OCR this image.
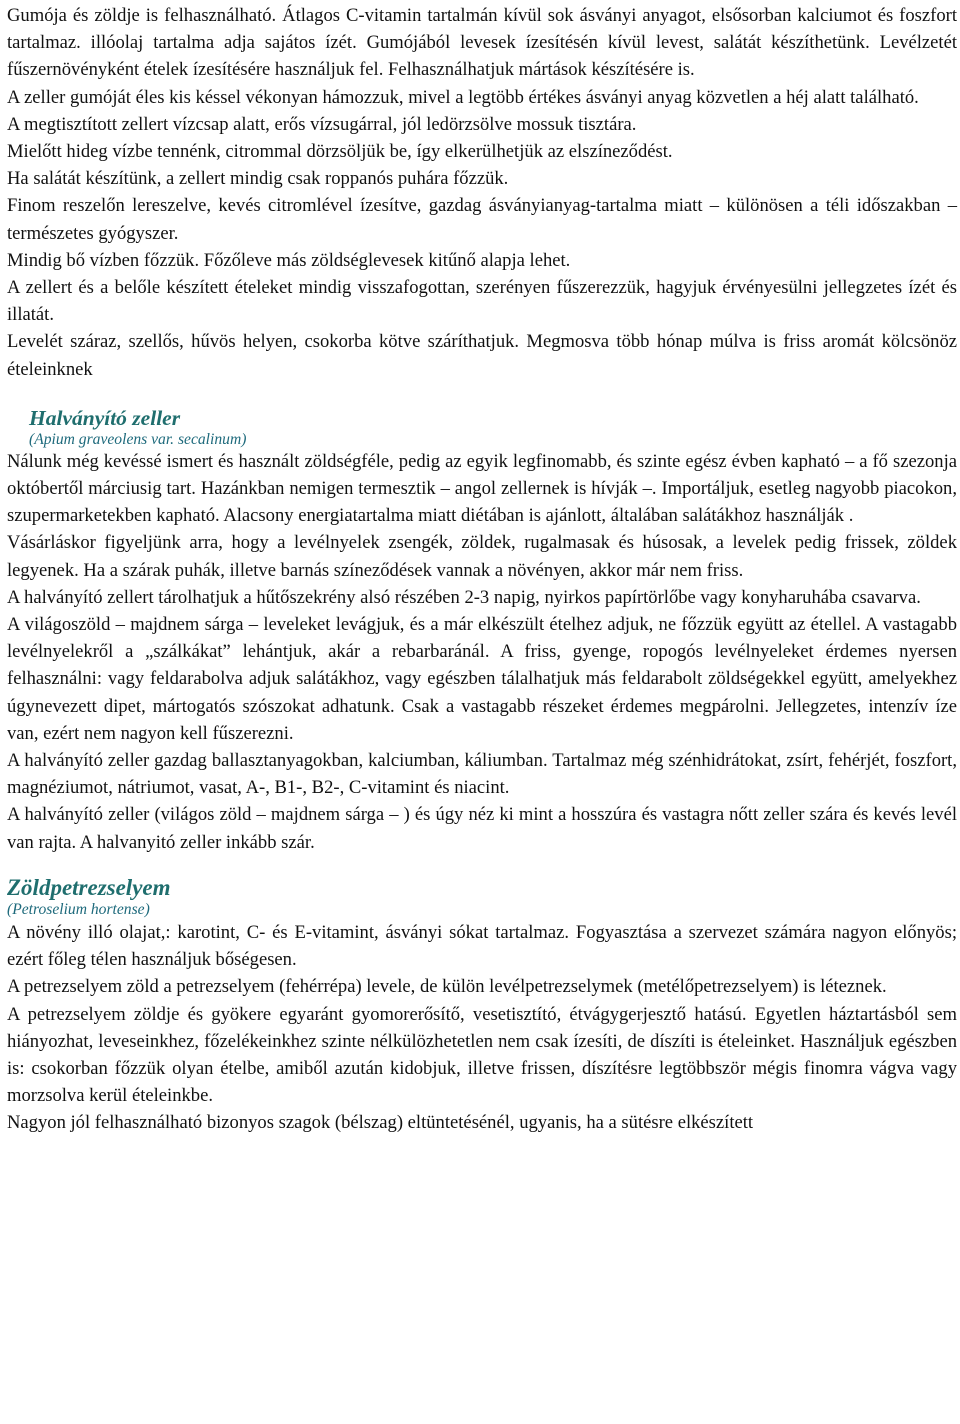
Gumója és zöldje is felhasználható. Átlagos C-vitamin tartalmán kívül sok ásványi anyagot, elsősorban kalciumot és foszfort tartalmaz. illóolaj tartalma adja sajátos ízét. Gumójából levesek ízesítésén kívül levest, salátát készíthetünk. Levélzetét fűszernövényként ételek ízesítésére használjuk fel. Felhasználhatjuk mártások készítésére is.

A zeller gumóját éles kis késsel vékonyan hámozzuk, mivel a legtöbb értékes ásványi anyag közvetlen a héj alatt található.

A megtisztított zellert vízcsap alatt, erős vízsugárral, jól ledörzsölve mossuk tisztára.

Mielőtt hideg vízbe tennénk, citrommal dörzsöljük be, így elkerülhetjük az elszíneződést.

Ha salátát készítünk, a zellert mindig csak roppanós puhára főzzük.

Finom reszelőn lereszelve, kevés citromlével ízesítve, gazdag ásványianyag-tartalma miatt – különösen a téli időszakban – természetes gyógyszer.

Mindig bő vízben főzzük. Főzőleve más zöldséglevesek kitűnő alapja lehet.

A zellert és a belőle készített ételeket mindig visszafogottan, szerényen fűszerezzük, hagyjuk érvényesülni jellegzetes ízét és illatát.

Levelét száraz, szellős, hűvös helyen, csokorba kötve száríthatjuk. Megmosva több hónap múlva is friss aromát kölcsönöz ételeinknek

Halványító zeller

(Apium graveolens var. secalinum)

Nálunk még kevéssé ismert és használt zöldségféle, pedig az egyik legfinomabb, és szinte egész évben kapható – a fő szezonja októbertől márciusig tart. Hazánkban nemigen termesztik – angol zellernek is hívják –. Importáljuk, esetleg nagyobb piacokon, szupermarketekben kapható. Alacsony energiatartalma miatt diétában is ajánlott, általában salátákhoz használják .

Vásárláskor figyeljünk arra, hogy a levélnyelek zsengék, zöldek, rugalmasak és húsosak, a levelek pedig frissek, zöldek legyenek. Ha a szárak puhák, illetve barnás színeződések vannak a növényen, akkor már nem friss.

A halványító zellert tárolhatjuk a hűtőszekrény alsó részében 2-3 napig, nyirkos papírtörlőbe vagy konyharuhába csavarva.

A világoszöld – majdnem sárga – leveleket levágjuk, és a már elkészült ételhez adjuk, ne főzzük együtt az étellel. A vastagabb levélnyelekről a „szálkákat” lehántjuk, akár a rebarbaránál. A friss, gyenge, ropogós levélnyeleket érdemes nyersen felhasználni: vagy feldarabolva adjuk salátákhoz, vagy egészben tálalhatjuk más feldarabolt zöldségekkel együtt, amelyekhez úgynevezett dipet, mártogatós szószokat adhatunk. Csak a vastagabb részeket érdemes megpárolni. Jellegzetes, intenzív íze van, ezért nem nagyon kell fűszerezni.

A halványító zeller gazdag ballasztanyagokban, kalciumban, káliumban. Tartalmaz még szénhidrátokat, zsírt, fehérjét, foszfort, magnéziumot, nátriumot, vasat, A-, B1-, B2-, C-vitamint és niacint.

A halványító zeller (világos zöld – majdnem sárga – ) és úgy néz ki mint a hosszúra és vastagra nőtt zeller szára és kevés levél van rajta. A halvanyitó zeller inkább szár.

Zöldpetrezselyem

(Petroselium hortense)

A növény illó olajat,: karotint, C- és E-vitamint, ásványi sókat tartalmaz. Fogyasztása a szervezet számára nagyon előnyös; ezért főleg télen használjuk bőségesen.

A petrezselyem zöld a petrezselyem (fehérrépa) levele, de külön levélpetrezselymek (metélőpetrezselyem) is léteznek.

A petrezselyem zöldje és gyökere egyaránt gyomorerősítő, vesetisztító, étvágygerjesztő hatású. Egyetlen háztartásból sem hiányozhat, leveseinkhez, főzelékeinkhez szinte nélkülözhetetlen nem csak ízesíti, de díszíti is ételeinket. Használjuk egészben is: csokorban főzzük olyan ételbe, amiből azután kidobjuk, illetve frissen, díszítésre legtöbbször mégis finomra vágva vagy morzsolva kerül ételeinkbe.

Nagyon jól felhasználható bizonyos szagok (bélszag) eltüntetésénél, ugyanis, ha a sütésre elkészített
